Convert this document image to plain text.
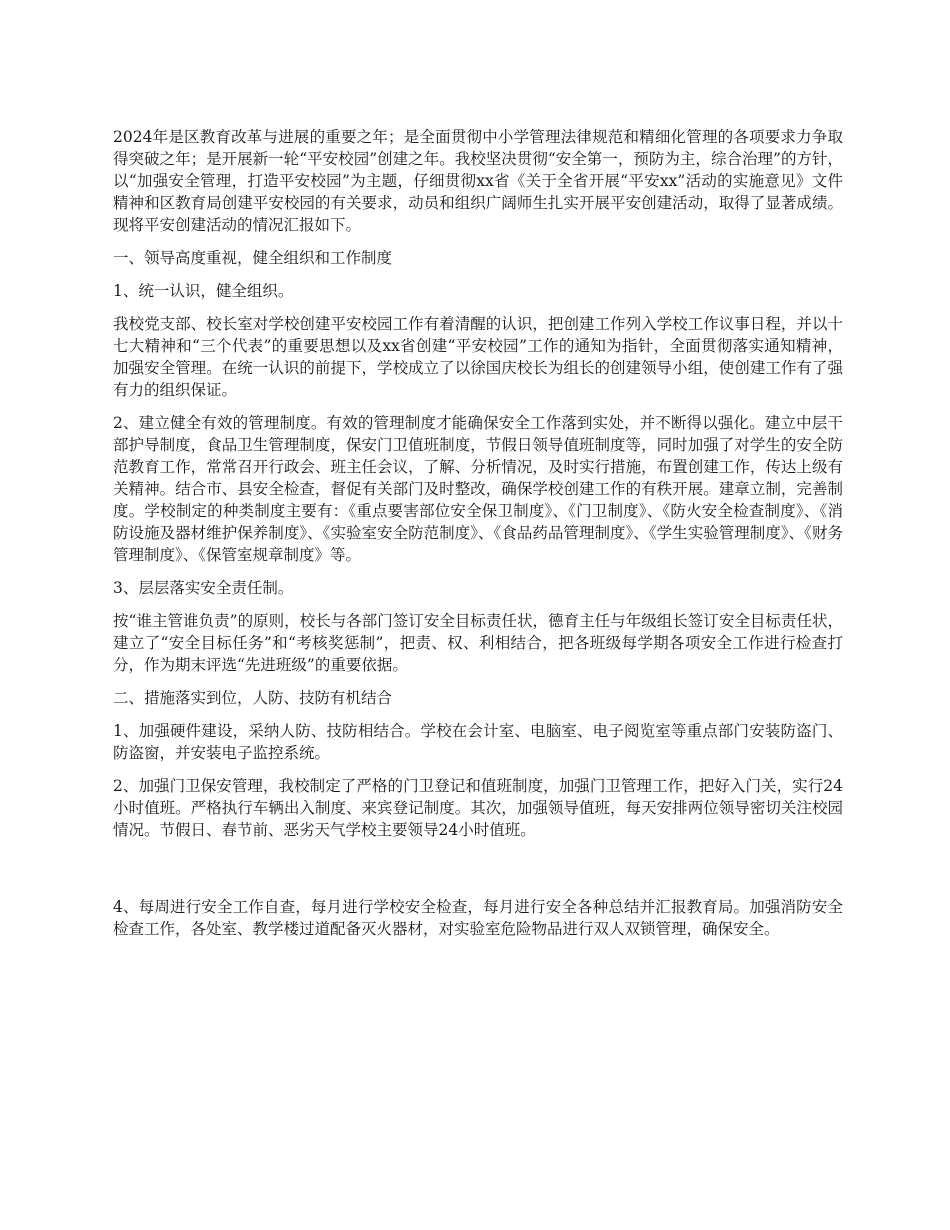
2024年是区教育改革与进展的重要之年；是全面贯彻中小学管理法律规范和精细化管理的各项要求力争取得突破之年；是开展新一轮“平安校园”创建之年。我校坚决贯彻“安全第一，预防为主，综合治理”的方针，以“加强安全管理，打造平安校园”为主题，仔细贯彻xx省《关于全省开展“平安xx”活动的实施意见》文件精神和区教育局创建平安校园的有关要求，动员和组织广阔师生扎实开展平安创建活动，取得了显著成绩。现将平安创建活动的情况汇报如下。

一、领导高度重视，健全组织和工作制度

1、统一认识，健全组织。

我校党支部、校长室对学校创建平安校园工作有着清醒的认识，把创建工作列入学校工作议事日程，并以十七大精神和“三个代表”的重要思想以及xx省创建“平安校园”工作的通知为指针，全面贯彻落实通知精神，加强安全管理。在统一认识的前提下，学校成立了以徐国庆校长为组长的创建领导小组，使创建工作有了强有力的组织保证。

2、建立健全有效的管理制度。有效的管理制度才能确保安全工作落到实处，并不断得以强化。建立中层干部护导制度，食品卫生管理制度，保安门卫值班制度，节假日领导值班制度等，同时加强了对学生的安全防范教育工作，常常召开行政会、班主任会议，了解、分析情况，及时实行措施，布置创建工作，传达上级有关精神。结合市、县安全检查，督促有关部门及时整改，确保学校创建工作的有秩开展。建章立制，完善制度。学校制定的种类制度主要有：《重点要害部位安全保卫制度》、《门卫制度》、《防火安全检查制度》、《消防设施及器材维护保养制度》、《实验室安全防范制度》、《食品药品管理制度》、《学生实验管理制度》、《财务管理制度》、《保管室规章制度》等。

3、层层落实安全责任制。

按“谁主管谁负责”的原则，校长与各部门签订安全目标责任状，德育主任与年级组长签订安全目标责任状，建立了“安全目标任务”和“考核奖惩制”，把责、权、利相结合，把各班级每学期各项安全工作进行检查打分，作为期末评选“先进班级”的重要依据。

二、措施落实到位，人防、技防有机结合

1、加强硬件建设，采纳人防、技防相结合。学校在会计室、电脑室、电子阅览室等重点部门安装防盗门、防盗窗，并安装电子监控系统。

2、加强门卫保安管理，我校制定了严格的门卫登记和值班制度，加强门卫管理工作，把好入门关，实行24小时值班。严格执行车辆出入制度、来宾登记制度。其次，加强领导值班，每天安排两位领导密切关注校园情况。节假日、春节前、恶劣天气学校主要领导24小时值班。

4、每周进行安全工作自查，每月进行学校安全检查，每月进行安全各种总结并汇报教育局。加强消防安全检查工作，各处室、教学楼过道配备灭火器材，对实验室危险物品进行双人双锁管理，确保安全。
